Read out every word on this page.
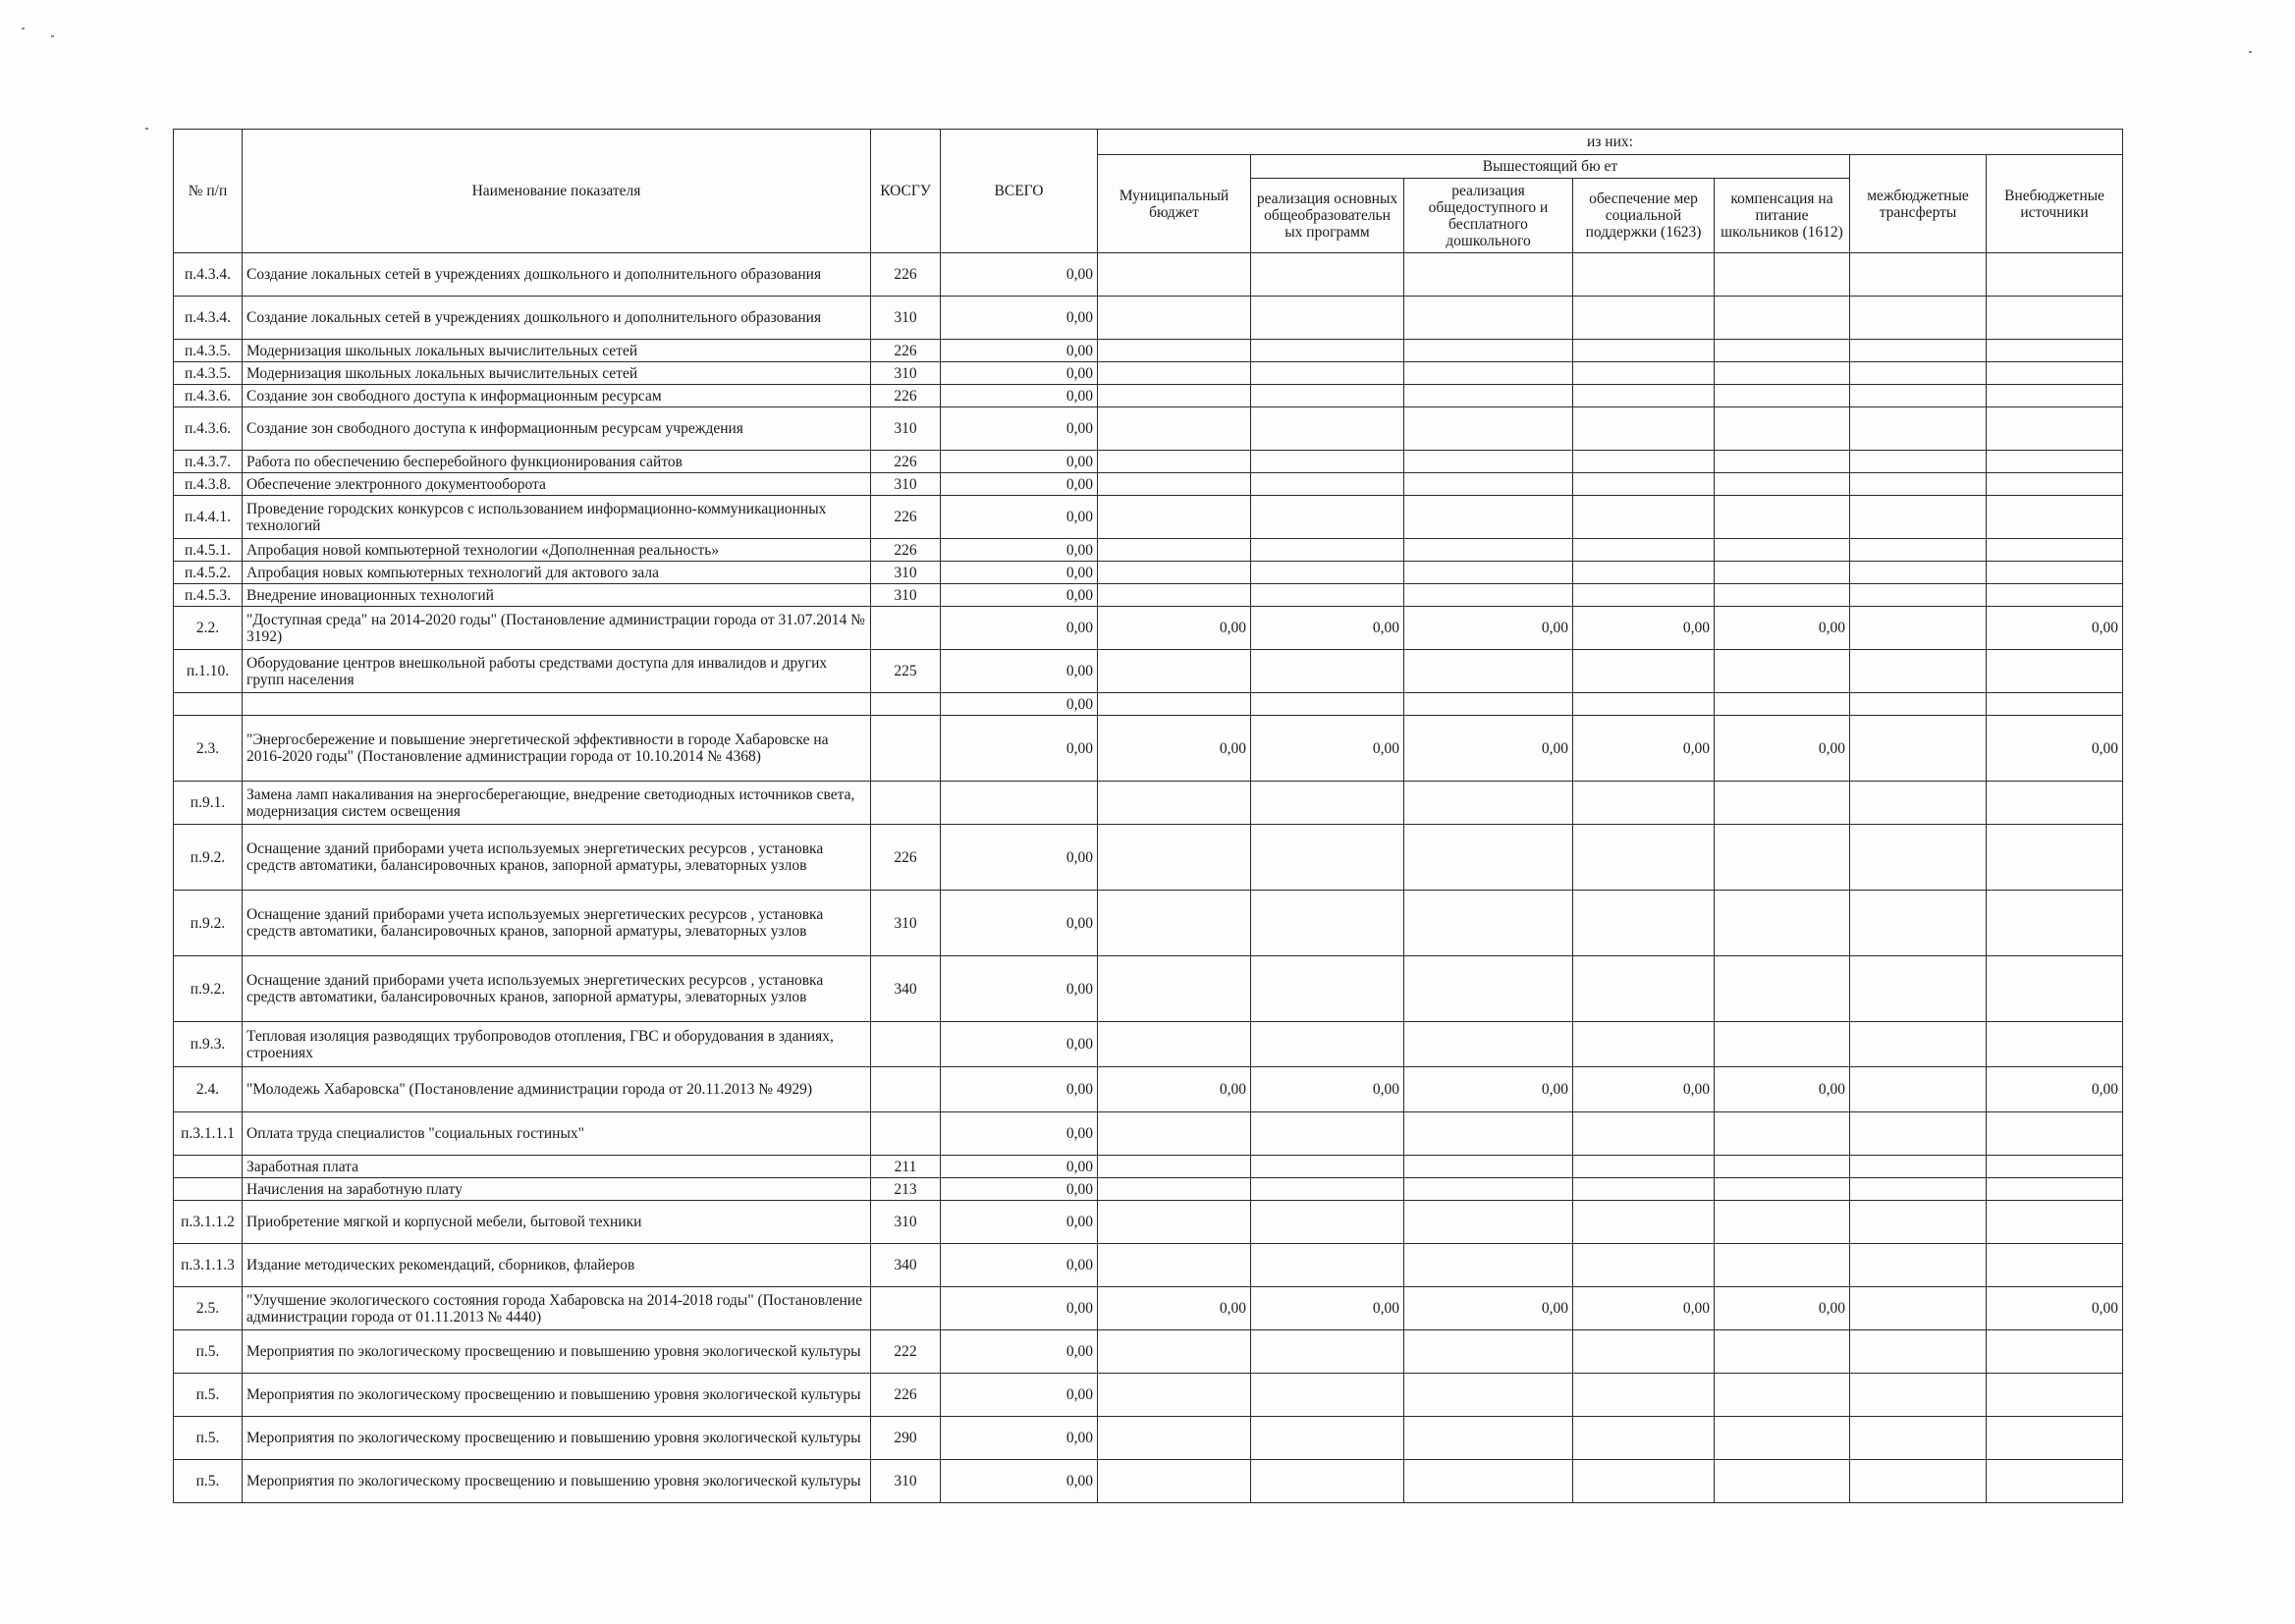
№ п/п	Наименование показателя	КОСГУ	ВСЕГО	из них:						
				Муниципальный бюджет	Вышестоящий бю ет				межбюджетные трансферты	Внебюджетные источники
					реализация основных общеобразовательн ых программ	реализация общедоступного и бесплатного дошкольного	обеспечение мер социальной поддержки (1623)	компенсация на питание школьников (1612)		
п.4.3.4.	Создание локальных сетей в учреждениях дошкольного и дополнительного образования	226	0,00							
п.4.3.4.	Создание локальных сетей в учреждениях дошкольного и дополнительного образования	310	0,00							
п.4.3.5.	Модернизация школьных локальных вычислительных сетей	226	0,00							
п.4.3.5.	Модернизация школьных локальных вычислительных сетей	310	0,00							
п.4.3.6.	Создание зон свободного доступа к информационным ресурсам	226	0,00							
п.4.3.6.	Создание зон свободного доступа к информационным ресурсам учреждения	310	0,00							
п.4.3.7.	Работа по обеспечению бесперебойного функционирования сайтов	226	0,00							
п.4.3.8.	Обеспечение электронного документооборота	310	0,00							
п.4.4.1.	Проведение городских конкурсов с использованием информационно-коммуникационных технологий	226	0,00							
п.4.5.1.	Апробация новой компьютерной технологии «Дополненная реальность»	226	0,00							
п.4.5.2.	Апробация новых компьютерных технологий для актового зала	310	0,00							
п.4.5.3.	Внедрение иновационных технологий	310	0,00							
2.2.	"Доступная среда" на 2014-2020 годы" (Постановление администрации города от 31.07.2014 № 3192)		0,00	0,00	0,00	0,00	0,00	0,00		0,00
п.1.10.	Оборудование центров внешкольной работы средствами доступа для инвалидов и других групп населения	225	0,00							
			0,00							
2.3.	"Энергосбережение и повышение энергетической эффективности в городе Хабаровске на 2016-2020 годы" (Постановление администрации города от 10.10.2014 № 4368)		0,00	0,00	0,00	0,00	0,00	0,00		0,00
п.9.1.	Замена ламп накаливания на энергосберегающие, внедрение светодиодных источников света, модернизация систем освещения									
п.9.2.	Оснащение зданий приборами учета используемых энергетических ресурсов , установка средств автоматики, балансировочных кранов, запорной арматуры, элеваторных узлов	226	0,00							
п.9.2.	Оснащение зданий приборами учета используемых энергетических ресурсов , установка средств автоматики, балансировочных кранов, запорной арматуры, элеваторных узлов	310	0,00							
п.9.2.	Оснащение зданий приборами учета используемых энергетических ресурсов , установка средств автоматики, балансировочных кранов, запорной арматуры, элеваторных узлов	340	0,00							
п.9.3.	Тепловая изоляция разводящих трубопроводов отопления, ГВС и оборудования в зданиях, строениях		0,00							
2.4.	"Молодежь Хабаровска" (Постановление администрации города от 20.11.2013 № 4929)		0,00	0,00	0,00	0,00	0,00	0,00		0,00
п.3.1.1.1	Оплата труда специалистов "социальных гостиных"		0,00							
	Заработная плата	211	0,00							
	Начисления на заработную плату	213	0,00							
п.3.1.1.2	Приобретение мягкой и корпусной мебели, бытовой техники	310	0,00							
п.3.1.1.3	Издание методических рекомендаций, сборников, флайеров	340	0,00							
2.5.	"Улучшение экологического состояния города Хабаровска на 2014-2018 годы" (Постановление администрации города от 01.11.2013 № 4440)		0,00	0,00	0,00	0,00	0,00	0,00		0,00
п.5.	Мероприятия по экологическому просвещению и повышению уровня экологической культуры	222	0,00							
п.5.	Мероприятия по экологическому просвещению и повышению уровня экологической культуры	226	0,00							
п.5.	Мероприятия по экологическому просвещению и повышению уровня экологической культуры	290	0,00							
п.5.	Мероприятия по экологическому просвещению и повышению уровня экологической культуры	310	0,00							
